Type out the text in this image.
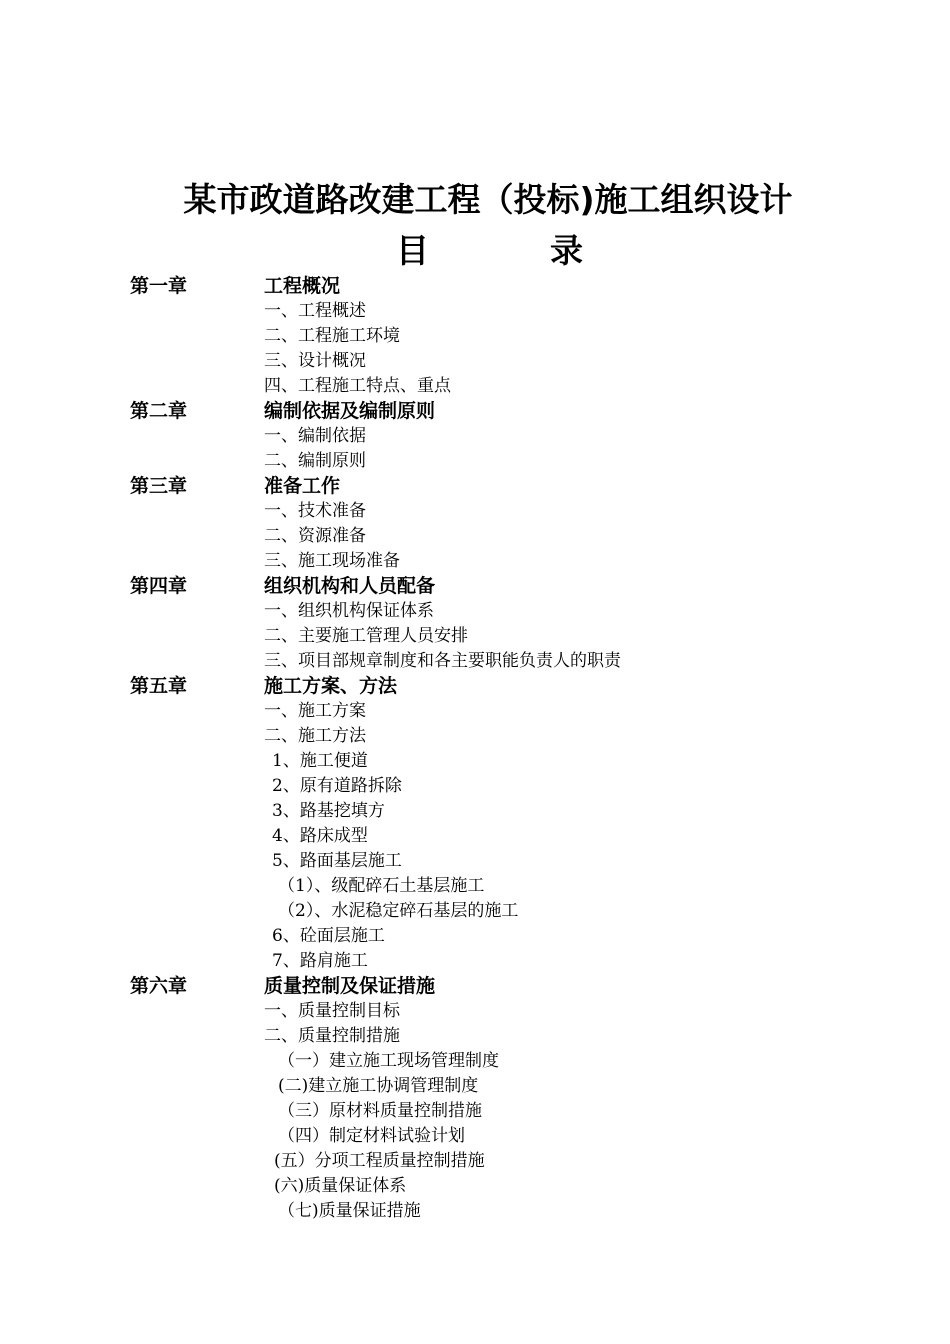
某市政道路改建工程（投标)施工组织设计
目	录
第一章	工程概况
一、工程概述
二、工程施工环境
三、设计概况
四、工程施工特点、重点
第二章	编制依据及编制原则
一、编制依据
二、编制原则
第三章	准备工作
一、技术准备
二、资源准备
三、施工现场准备
第四章	组织机构和人员配备
一、组织机构保证体系
二、主要施工管理人员安排
三、项目部规章制度和各主要职能负责人的职责
第五章	施工方案、方法
一、施工方案
二、施工方法
1、施工便道
2、原有道路拆除
3、路基挖填方
4、路床成型
5、路面基层施工
（1）、级配碎石土基层施工
（2）、水泥稳定碎石基层的施工
6、砼面层施工
7、路肩施工
第六章	质量控制及保证措施
一、质量控制目标
二、质量控制措施
（一）建立施工现场管理制度
(二)建立施工协调管理制度
（三）原材料质量控制措施
（四）制定材料试验计划
(五）分项工程质量控制措施
(六)质量保证体系
（七)质量保证措施
